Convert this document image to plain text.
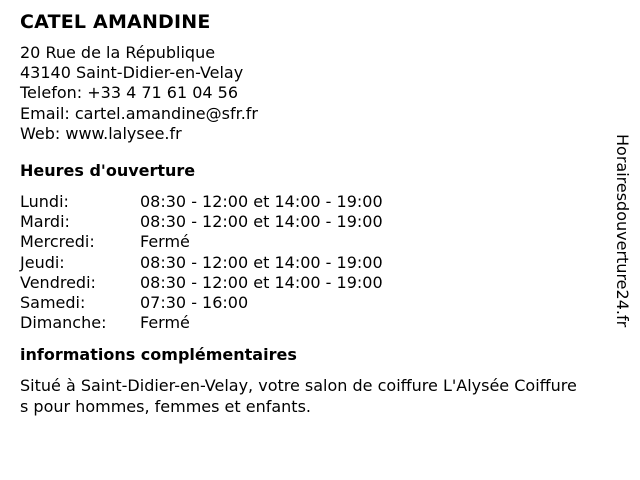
CATEL AMANDINE
20 Rue de la République
43140 Saint-Didier-en-Velay
Telefon: +33 4 71 61 04 56
Email: cartel.amandine@sfr.fr
Web: www.lalysee.fr
Heures d'ouverture
Lundi:	08:30 - 12:00 et 14:00 - 19:00
Mardi:	08:30 - 12:00 et 14:00 - 19:00
Mercredi:	Fermé
Jeudi:	08:30 - 12:00 et 14:00 - 19:00
Vendredi:	08:30 - 12:00 et 14:00 - 19:00
Samedi:	07:30 - 16:00
Dimanche:	Fermé
informations complémentaires
Situé à Saint-Didier-en-Velay, votre salon de coiffure L'Alysée Coiffures pour hommes, femmes et enfants.
Horairesdouverture24.fr
